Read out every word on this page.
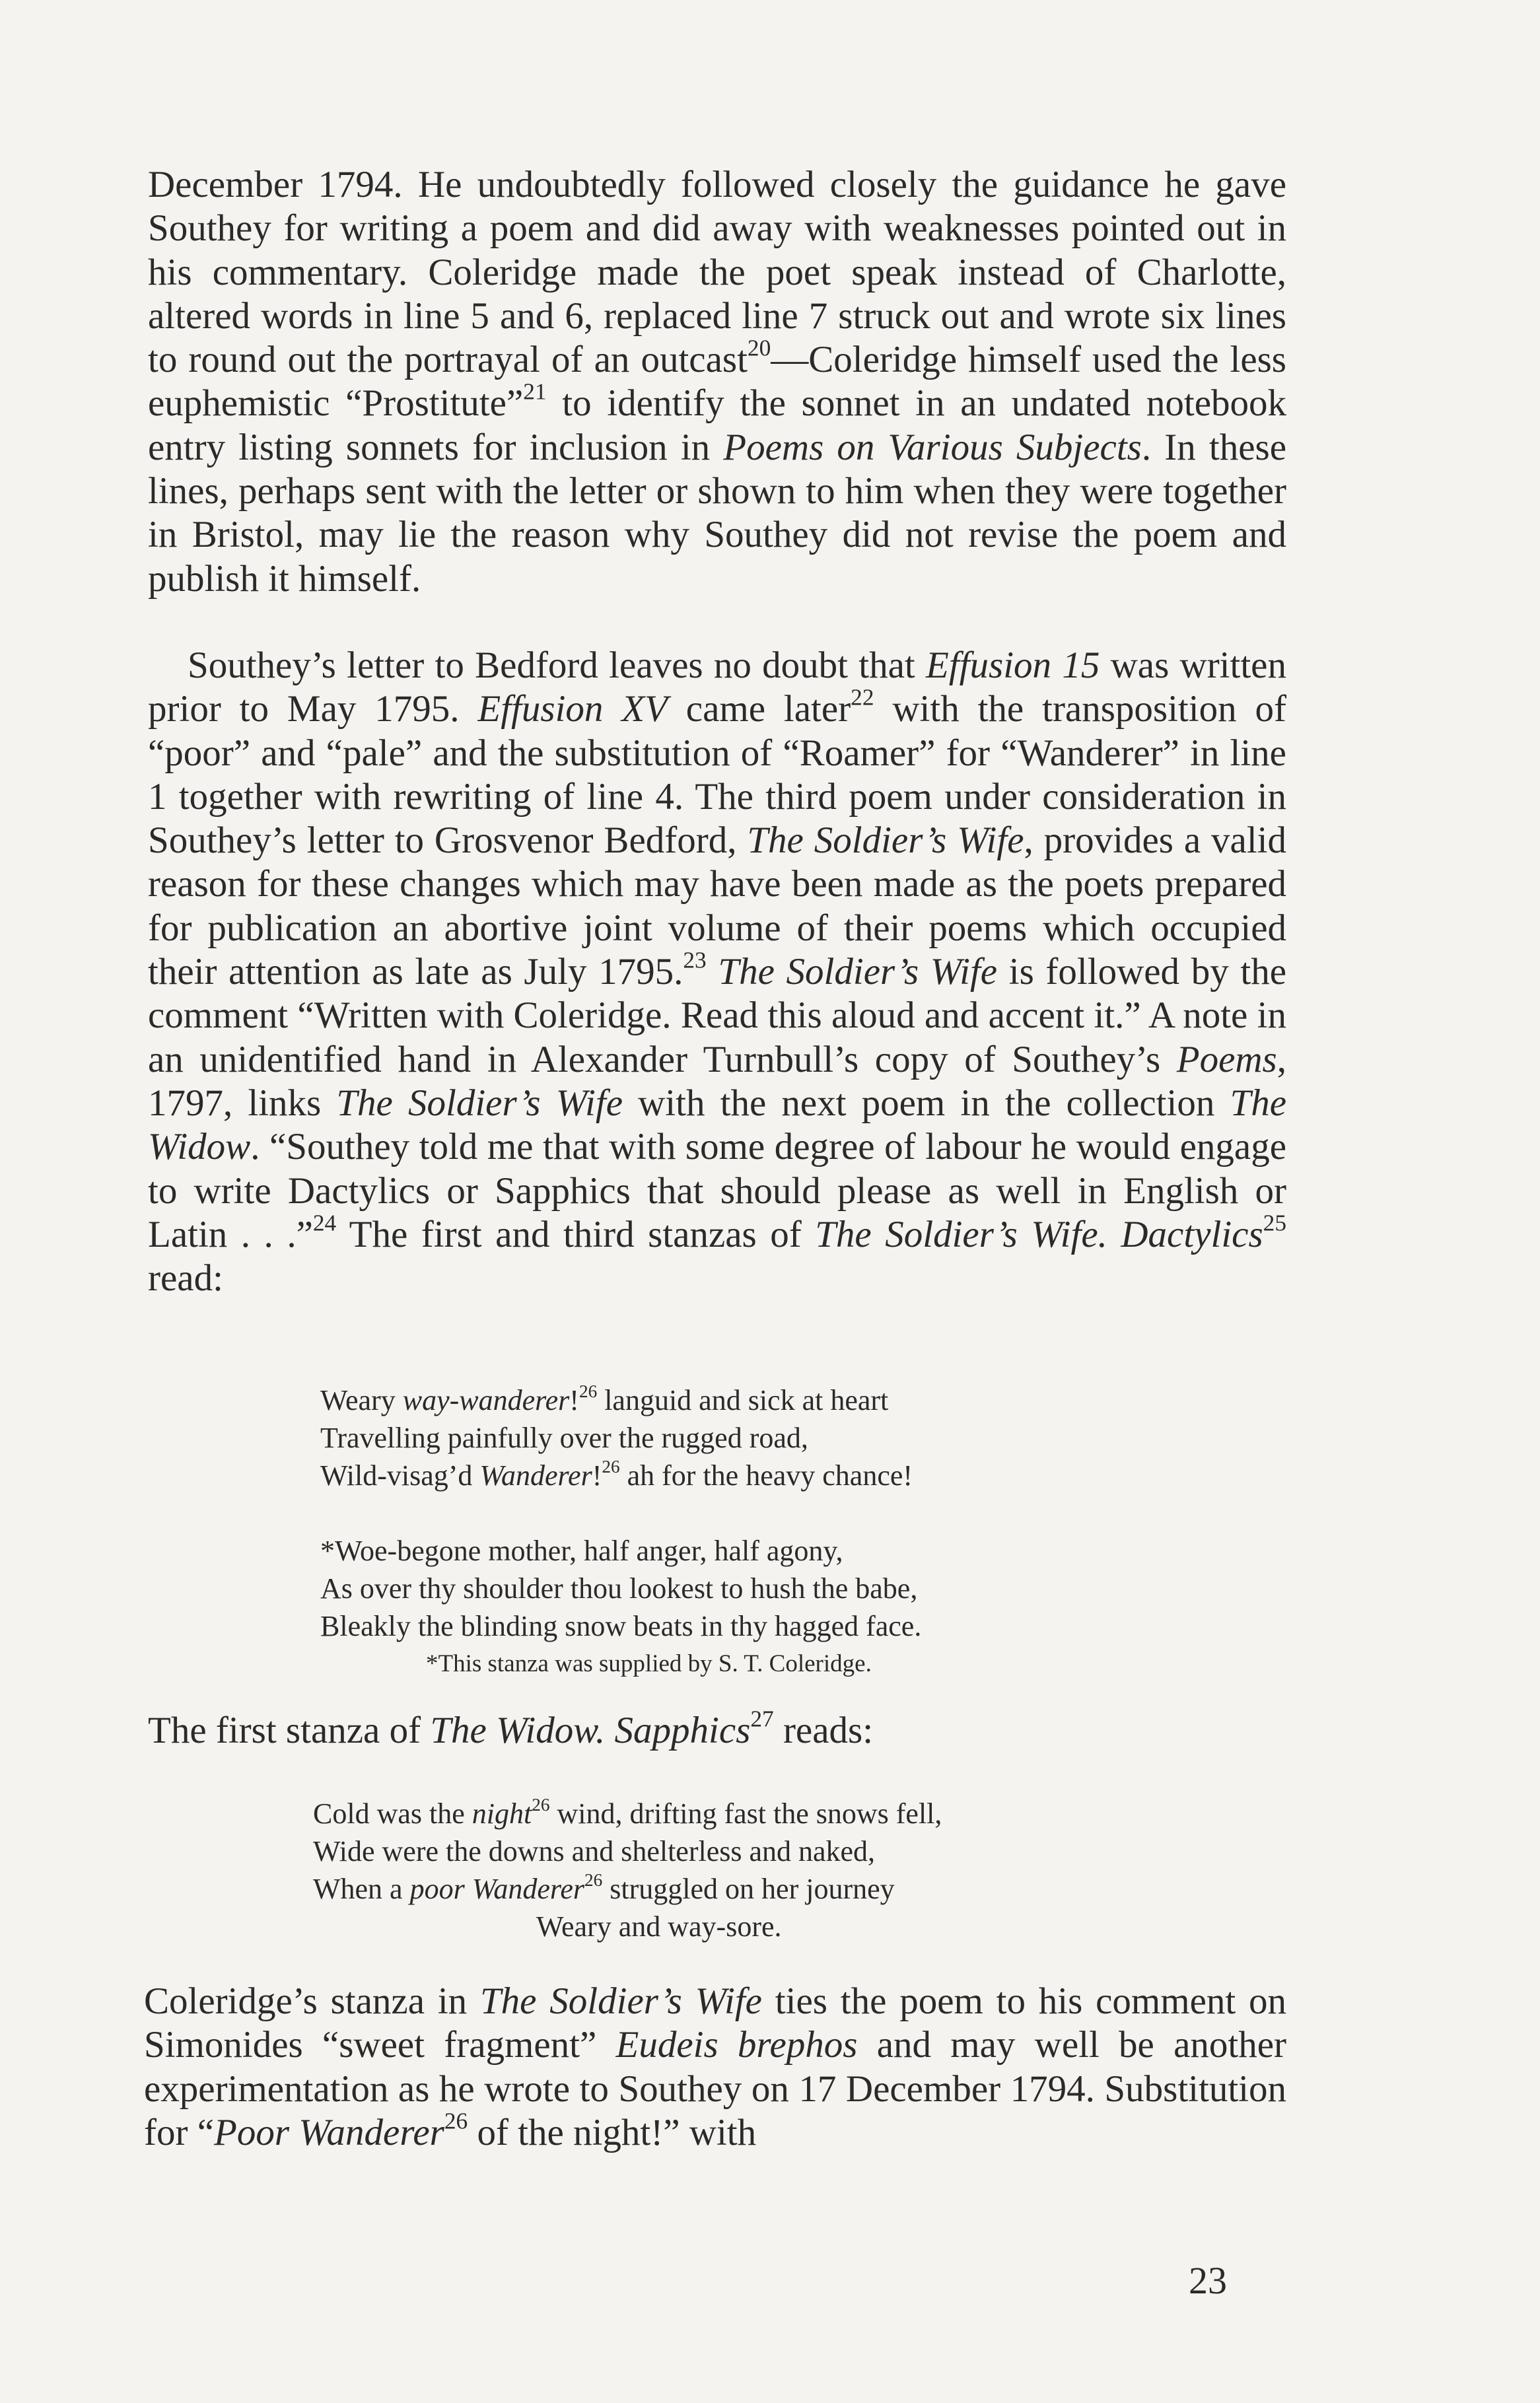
December 1794. He undoubtedly followed closely the guidance he gave Southey for writing a poem and did away with weaknesses pointed out in his commentary. Coleridge made the poet speak instead of Charlotte, altered words in line 5 and 6, replaced line 7 struck out and wrote six lines to round out the portrayal of an outcast$^{20}$—Coleridge himself used the less euphemistic “Prostitute”$^{21}$ to identify the sonnet in an undated notebook entry listing sonnets for inclusion in Poems on Various Subjects. In these lines, perhaps sent with the letter or shown to him when they were together in Bristol, may lie the reason why Southey did not revise the poem and publish it himself.

Southey’s letter to Bedford leaves no doubt that Effusion 15 was written prior to May 1795. Effusion XV came later$^{22}$ with the transposition of “poor” and “pale” and the substitution of “Roamer” for “Wanderer” in line 1 together with rewriting of line 4. The third poem under consideration in Southey’s letter to Grosvenor Bedford, The Soldier’s Wife, provides a valid reason for these changes which may have been made as the poets prepared for publication an abortive joint volume of their poems which occupied their attention as late as July 1795.23 The Soldier’s Wife is followed by the comment “Written with Coleridge. Read this aloud and accent it.” A note in an unidentified hand in Alexander Turnbull’s copy of Southey’s Poems, 1797, links The Soldier’s Wife with the next poem in the collection The Widow. “Southey told me that with some degree of labour he would engage to write Dactylics or Sapphics that should please as well in English or Latin . . .”$^{24}$ The first and third stanzas of The Soldier’s Wife. Dactylics$^{25}$ read:

Weary way-wanderer!$^{26}$ languid and sick at heart
Travelling painfully over the rugged road,
Wild-visag’d Wanderer!$^{26}$ ah for the heavy chance!
*Woe-begone mother, half anger, half agony,
As over thy shoulder thou lookest to hush the babe,
Bleakly the blinding snow beats in thy hagged face.
*This stanza was supplied by S. T. Coleridge.
The first stanza of The Widow. Sapphics$^{27}$ reads:
Cold was the night$^{26}$ wind, drifting fast the snows fell,
Wide were the downs and shelterless and naked,
When a poor Wanderer$^{26}$ struggled on her journey
Weary and way-sore.

Coleridge’s stanza in The Soldier’s Wife ties the poem to his comment on Simonides “sweet fragment” Eudeis brephos and may well be another experimentation as he wrote to Southey on 17 December 1794. Substitution for “Poor Wanderer$^{26}$ of the night!” with

23
